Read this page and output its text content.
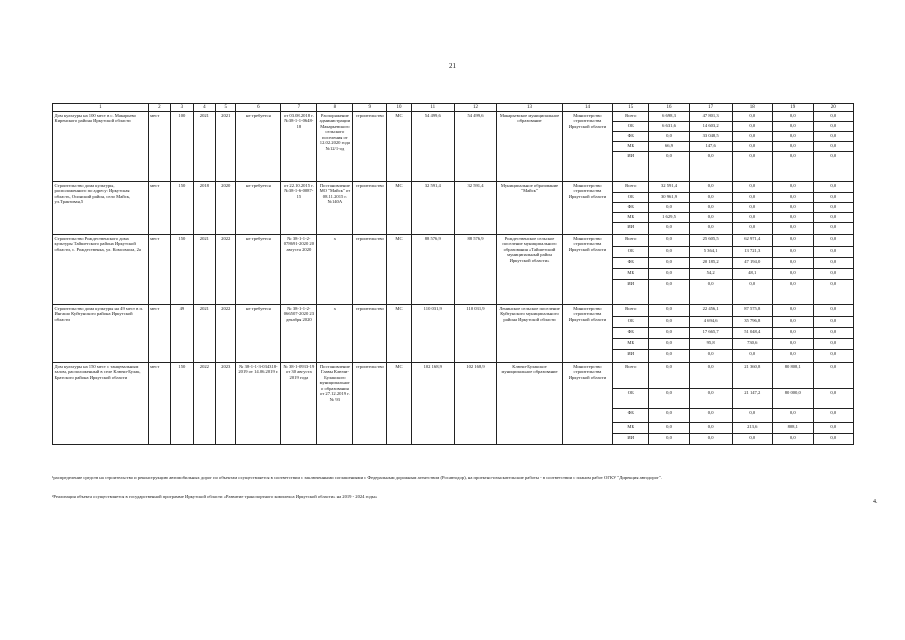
21
1	2	3	4	5	6	7	8	9	10	11	12	13	14	15	16	17	18	19	20
Дом культуры на 100 мест в с. Макарьево Киренского района Иркутской области	мест	100	2021	2021	не требуется	от 03.08.2018 г. №38-1-1-0648-18	Распоряжение администрации Макарьевского сельского поселения от 12.02.2020 года №12/1-од	строительство	МС	54 499,6	54 499,6	Макарьевское муниципальное образование	Министерство строительства Иркутской области	Всего	6 698,3	47 801,3	0,0	0,0	0,0
														ОБ	6 631,6	14 603,2	0,0	0,0	0,0
														ФБ	0,0	33 048,5	0,0	0,0	0,0
														МБ	66,9	147,6	0,0	0,0	0,0
														ИИ	0,0	0,0	0,0	0,0	0,0
Строительство дома культуры, расположенного по адресу: Иркутская область, Осинский район, село Майск, ул.Трактовая,5	мест	150	2018	2020	не требуется	от 22.10.2015 г. №38-1-6-0087-15	Постановление МО "Майск" от 08.11.2015 г. №140А	строительство	МС	32 591,4	32 591,4	Муниципальное образование "Майск"	Министерство строительства Иркутской области	Всего	32 591,4	0,0	0,0	0,0	0,0
														ОБ	30 961,9	0,0	0,0	0,0	0,0
														ФБ	0,0	0,0	0,0	0,0	0,0
														МБ	1 629,5	0,0	0,0	0,0	0,0
														ИИ	0,0	0,0	0,0	0,0	0,0
Строительство Рождественского дома культуры Тайшетского района Иркутской области, с. Рождественка, ул. Комсомола, 2а	мест	150	2021	2022	не требуется	№ 38-1-1-2-078691-2020 20 августа 2020	х	строительство	МС	88 576,9	88 576,9	Рождественское сельское поселение муниципального образования «Тайшетский муниципальный район Иркутской области»	Министерство строительства Иркутской области	Всего	0,0	25 605,5	62 971,4	0,0	0,0
														ОБ	0,0	5 364,1	13 721,3	0,0	0,0
														ФБ	0,0	20 185,2	47 194,0	0,0	0,0
														МБ	0,0	54,2	48,1	0,0	0,0
														ИИ	0,0	0,0	0,0	0,0	0,0
Строительство дома культуры на 49 мест в п. Ингашо Куйтунского района Иркутской области	мест	49	2021	2022	не требуется	№ 38-1-1-2-066507-2020 23 декабря 2020	х	строительство	МС	110 031,9	110 031,9	Ленинское сельское поселение Куйтунского муниципального района Иркутской области	Министерство строительства Иркутской области	Всего	0,0	22 456,1	87 575,8	0,0	0,0
														ОБ	0,0	4 694,6	35 796,8	0,0	0,0
														ФБ	0,0	17 665,7	51 048,4	0,0	0,0
														МБ	0,0	95,8	730,6	0,0	0,0
														ИИ	0,0	0,0	0,0	0,0	0,0
Дом культуры на 150 мест с танцевальным залом, расположенный в селе Ключи-Булак, Братского района Иркутской области	мест	150	2022	2023	№ 38-1-1-3-034318-2019 от 14.06.2019 г.	№ 38-1-0933-19 от 30 августа 2019 года	Постановление Главы Ключи-Булакского муниципального образования от 27.12.2019 г. № 93	строительство	МС	102 168,9	102 168,9	Ключи-Булакское муниципальное образование	Министерство строительства Иркутской области	Всего	0,0	0,0	21 360,8	80 808,1	0,0
														ОБ	0,0	0,0	21 147,2	80 000,0	0,0
														ФБ	0,0	0,0	0,0	0,0	0,0
														МБ	0,0	0,0	213,6	808,1	0,0
														ИИ	0,0	0,0	0,0	0,0	0,0
¹распределение средств на строительство и реконструкцию автомобильных дорог по объектам осуществляется в соответствии с заключенными соглашениями с Федеральным дорожным агентством (Росавтодор), на проектно-изыскательские работы - в соответствии с планом работ ОГКУ "Дирекция автодорог".
²Реализация объекта осуществляется в государственной программе Иркутской области «Развитие транспортного комплекса Иркутской области» на 2019 - 2024 годы»
4.
